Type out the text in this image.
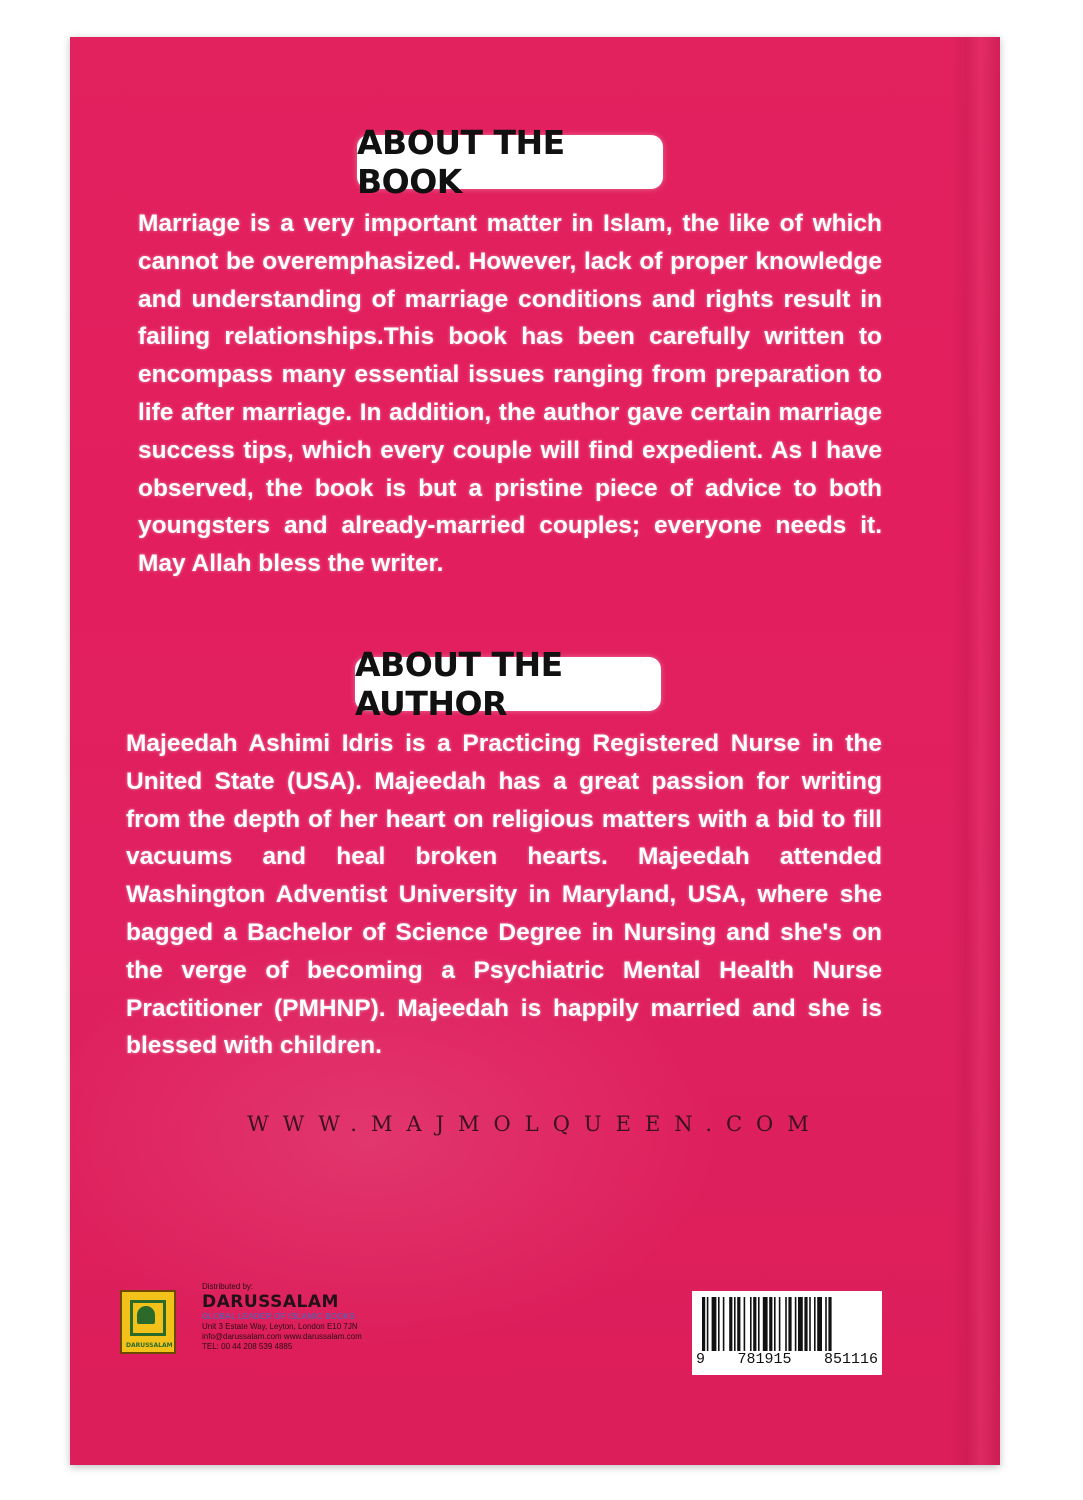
ABOUT THE BOOK
Marriage is a very important matter in Islam, the like of which cannot be overemphasized. However, lack of proper knowledge and understanding of marriage conditions and rights result in failing relationships.This book has been carefully written to encompass many essential issues ranging from preparation to life after marriage. In addition, the author gave certain marriage success tips, which every couple will find expedient. As I have observed, the book is but a pristine piece of advice to both youngsters and already-married couples; everyone needs it. May Allah bless the writer.
ABOUT THE AUTHOR
Majeedah Ashimi Idris is a Practicing Registered Nurse in the United State (USA). Majeedah has a great passion for writing from the depth of her heart on religious matters with a bid to fill vacuums and heal broken hearts. Majeedah attended Washington Adventist University in Maryland, USA, where she bagged a Bachelor of Science Degree in Nursing and she's on the verge of becoming a Psychiatric Mental Health Nurse Practitioner (PMHNP). Majeedah is happily married and she is blessed with children.
WWW.MAJMOLQUEEN.COM
DARUSSALAM
Distributed by:
DARUSSALAM
GLOBAL LEADER OF ISLAMIC BOOKS
Unit 3 Estate Way, Leyton, London E10 7JN
info@darussalam.com www.darussalam.com
TEL: 00 44 208 539 4885
9 781915 851116
